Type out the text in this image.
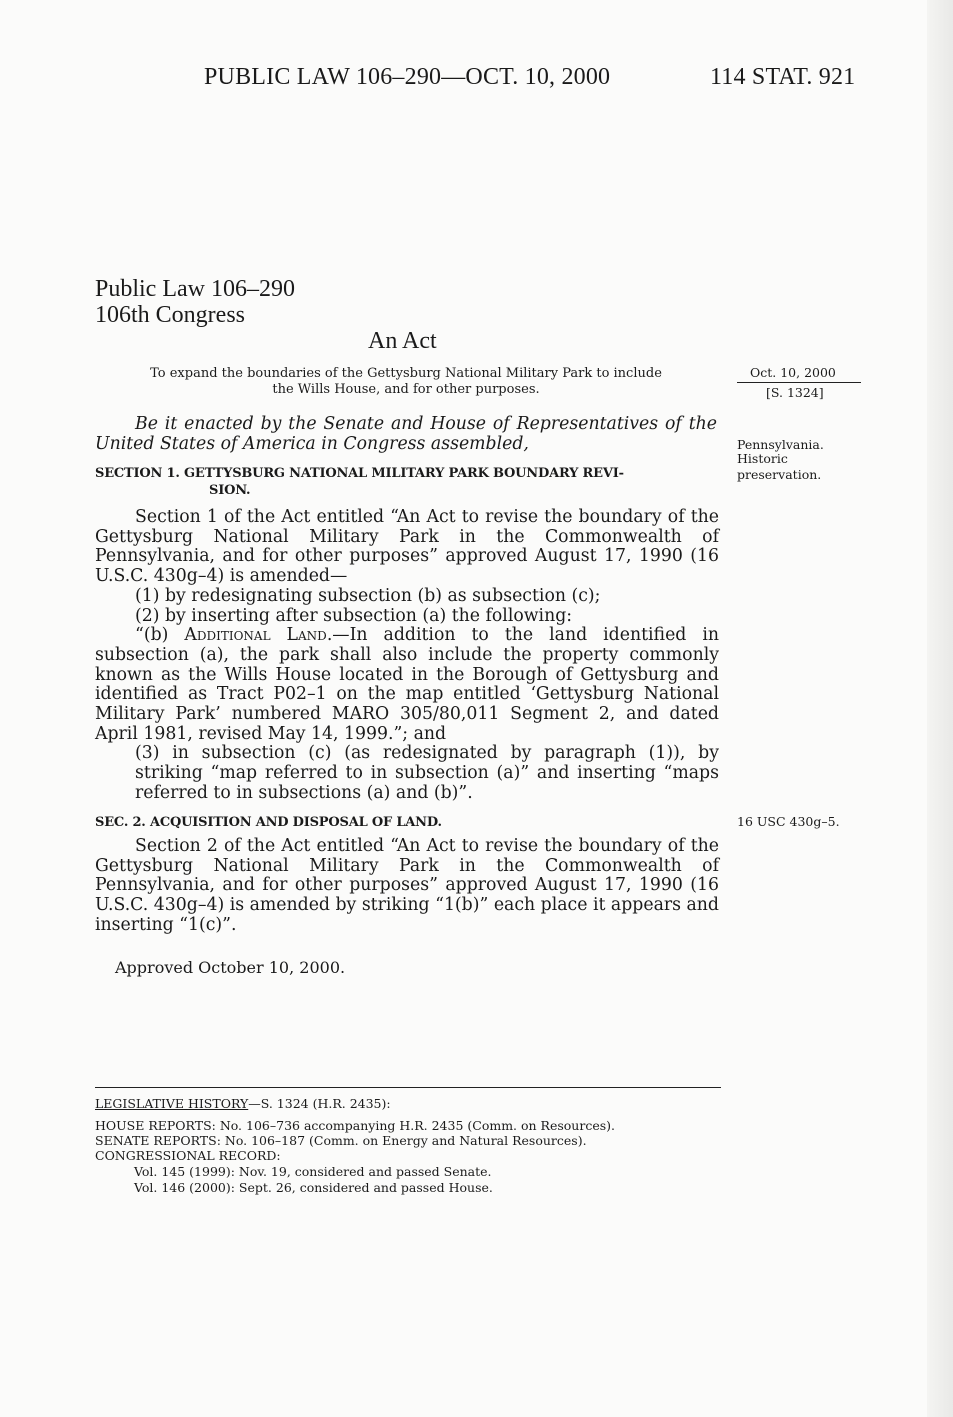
PUBLIC LAW 106–290—OCT. 10, 2000	114 STAT. 921
Public Law 106–290
106th Congress
An Act
To expand the boundaries of the Gettysburg National Military Park to include
the Wills House, and for other purposes.
Oct. 10, 2000
[S. 1324]
Pennsylvania.
Historic
preservation.
16 USC 430g–5.
Be it enacted by the Senate and House of Representatives of the United States of America in Congress assembled,
SECTION 1. GETTYSBURG NATIONAL MILITARY PARK BOUNDARY REVI-
SION.

Section 1 of the Act entitled “An Act to revise the boundary of the Gettysburg National Military Park in the Commonwealth of Pennsylvania, and for other purposes” approved August 17, 1990 (16 U.S.C. 430g–4) is amended—

(1) by redesignating subsection (b) as subsection (c);

(2) by inserting after subsection (a) the following:

“(b) Additional Land.—In addition to the land identified in subsection (a), the park shall also include the property commonly known as the Wills House located in the Borough of Gettysburg and identified as Tract P02–1 on the map entitled ‘Gettysburg National Military Park’ numbered MARO 305/80,011 Segment 2, and dated April 1981, revised May 14, 1999.”; and

(3) in subsection (c) (as redesignated by paragraph (1)), by striking “map referred to in subsection (a)” and inserting “maps referred to in subsections (a) and (b)”.

SEC. 2. ACQUISITION AND DISPOSAL OF LAND.

Section 2 of the Act entitled “An Act to revise the boundary of the Gettysburg National Military Park in the Commonwealth of Pennsylvania, and for other purposes” approved August 17, 1990 (16 U.S.C. 430g–4) is amended by striking “1(b)” each place it appears and inserting “1(c)”.

Approved October 10, 2000.
LEGISLATIVE HISTORY—S. 1324 (H.R. 2435):
HOUSE REPORTS: No. 106–736 accompanying H.R. 2435 (Comm. on Resources).
SENATE REPORTS: No. 106–187 (Comm. on Energy and Natural Resources).
CONGRESSIONAL RECORD:
Vol. 145 (1999): Nov. 19, considered and passed Senate.
Vol. 146 (2000): Sept. 26, considered and passed House.
